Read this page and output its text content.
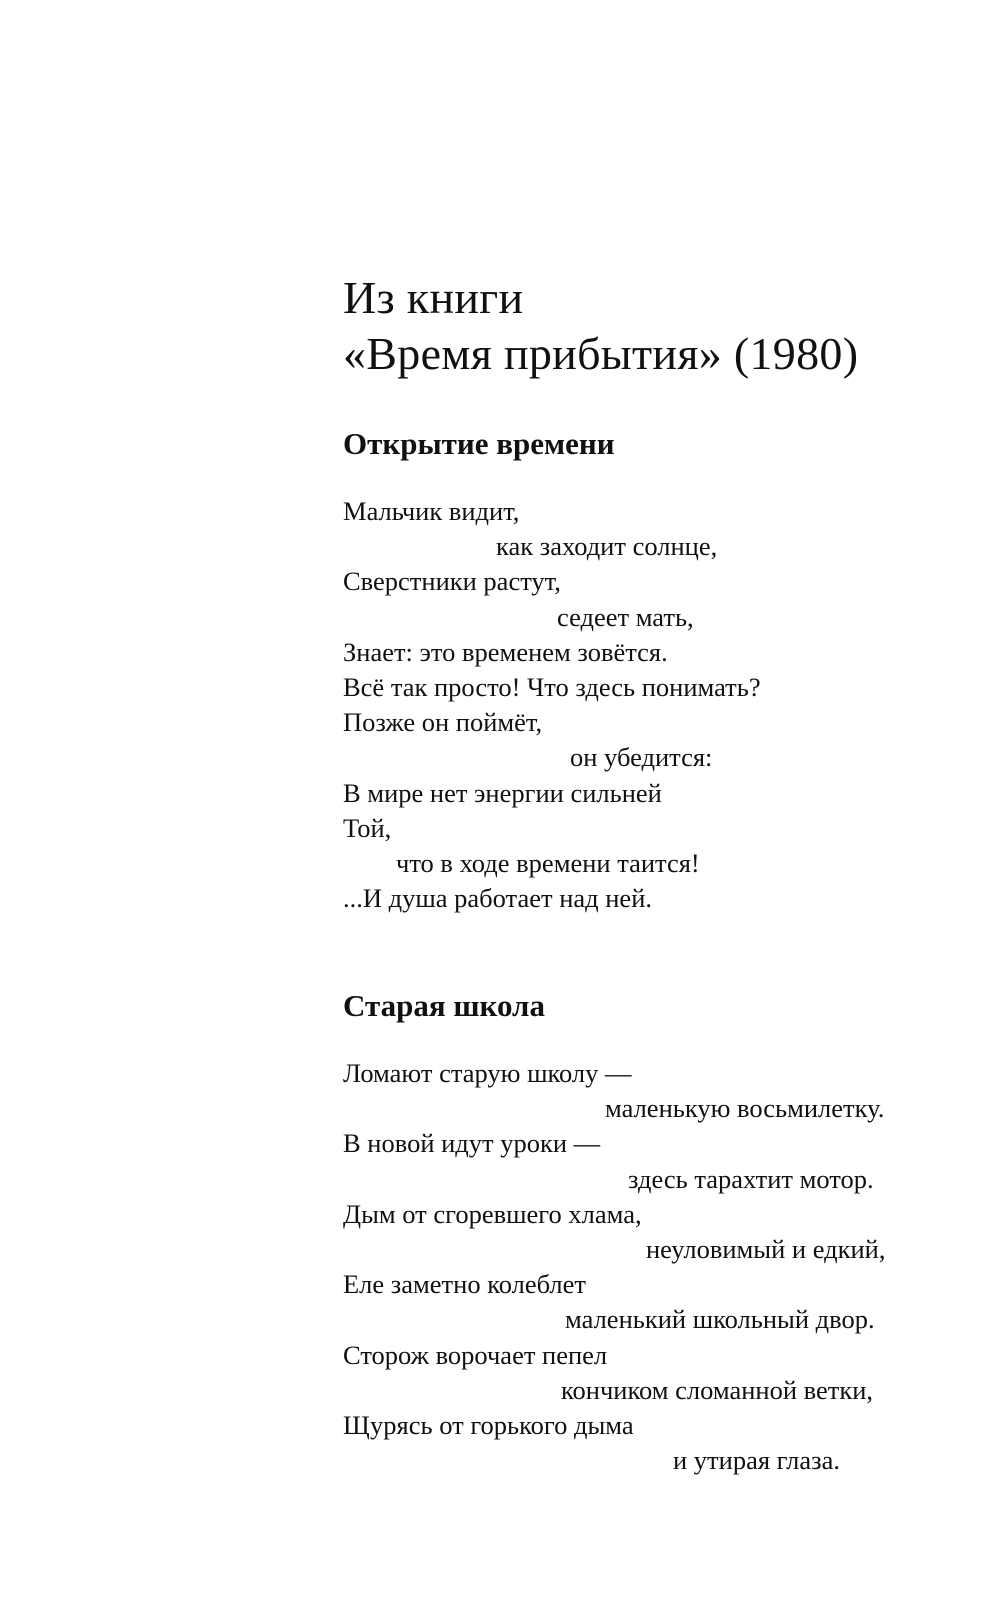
Из книги
«Время прибытия» (1980)
Открытие времени
Мальчик видит,
как заходит солнце,
Сверстники растут,
седеет мать,
Знает: это временем зовётся.
Всё так просто! Что здесь понимать?
Позже он поймёт,
он убедится:
В мире нет энергии сильней
Той,
что в ходе времени таится!
...И душа работает над ней.
Старая школа
Ломают старую школу —
маленькую восьмилетку.
В новой идут уроки —
здесь тарахтит мотор.
Дым от сгоревшего хлама,
неуловимый и едкий,
Еле заметно колеблет
маленький школьный двор.
Сторож ворочает пепел
кончиком сломанной ветки,
Щурясь от горького дыма
и утирая глаза.
